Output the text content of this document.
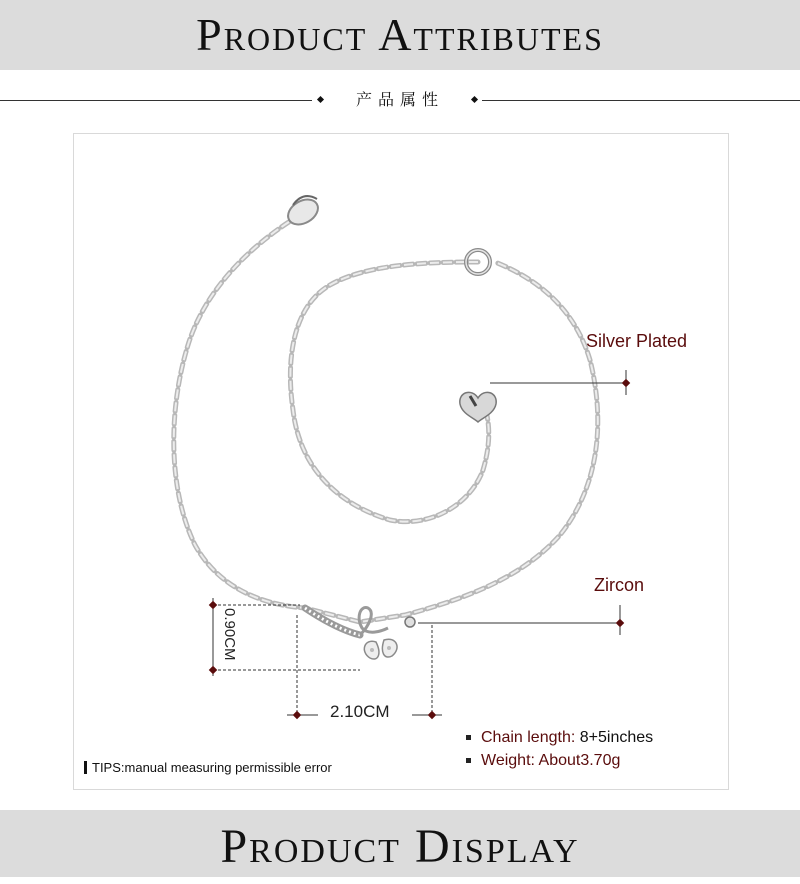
Product Attributes
产品属性
Silver Plated
Zircon
2.10CM
0.90CM
Chain length: 8+5inches
Weight: About3.70g
TIPS:manual measuring permissible error
Product Display
